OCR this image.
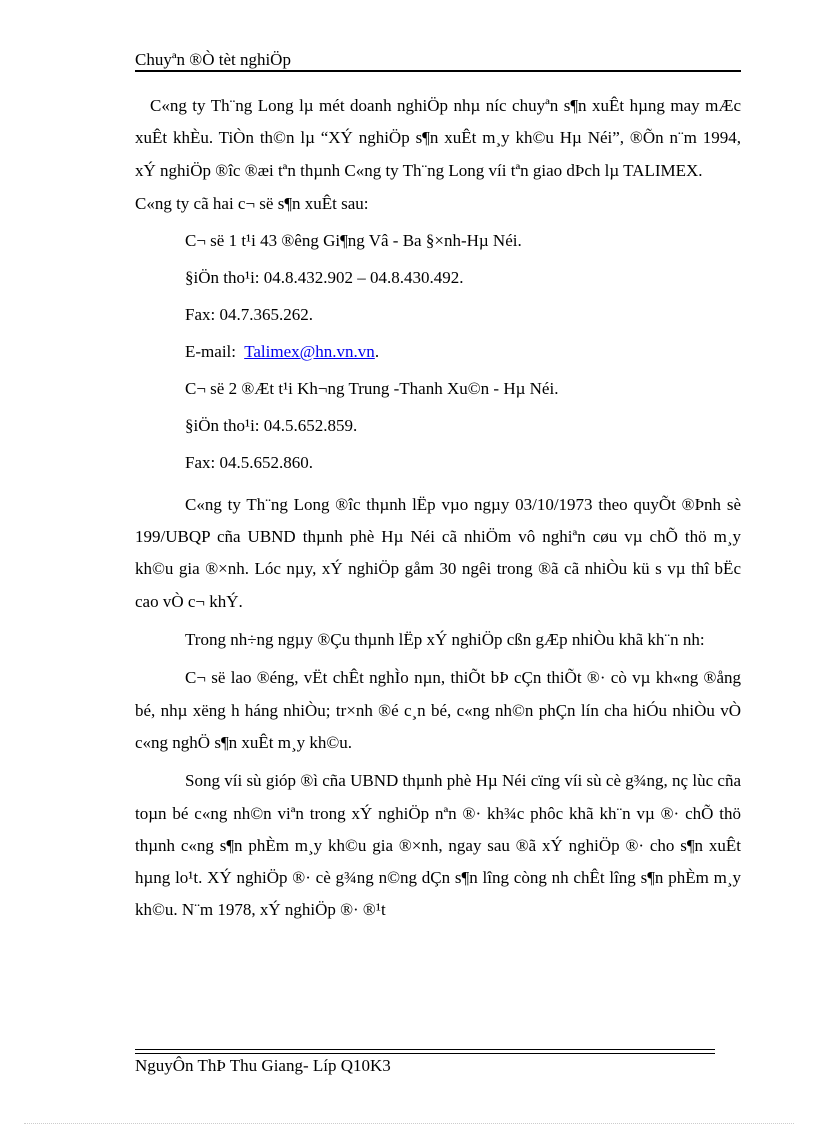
Chuyªn ®Ò tèt nghiÖp

C«ng ty Th¨ng Long lµ mét doanh nghiÖp nhµ níc chuyªn s¶n xuÊt hµng may mÆc xuÊt khÈu. TiÒn th©n lµ “XÝ nghiÖp s¶n xuÊt m¸y kh©u Hµ Néi”, ®Õn n¨m 1994, xÝ nghiÖp ®îc ®æi tªn thµnh C«ng ty Th¨ng Long víi tªn giao dÞch lµ TALIMEX.

C«ng ty cã hai c¬ së s¶n xuÊt sau:

C¬ së 1 t¹i 43 ®êng Gi¶ng Vâ - Ba §×nh-Hµ Néi.

§iÖn tho¹i: 04.8.432.902 – 04.8.430.492.

Fax: 04.7.365.262.

E-mail: Talimex@hn.vn.vn.

C¬ së 2 ®Æt t¹i Kh¬ng Trung -Thanh Xu©n - Hµ Néi.

§iÖn tho¹i: 04.5.652.859.

Fax: 04.5.652.860.

C«ng ty Th¨ng Long ®îc thµnh lËp vµo ngµy 03/10/1973 theo quyÕt ®Þnh sè 199/UBQP cña UBND thµnh phè Hµ Néi cã nhiÖm vô nghiªn cøu vµ chÕ thö m¸y kh©u gia ®×nh. Lóc nµy, xÝ nghiÖp gåm 30 ngêi trong ®ã cã nhiÒu kü s vµ thî bËc cao vÒ c¬ khÝ.

Trong nh÷ng ngµy ®Çu thµnh lËp xÝ nghiÖp cßn gÆp nhiÒu khã kh¨n nh:

C¬ së lao ®éng, vËt chÊt nghÌo nµn, thiÕt bÞ cÇn thiÕt ®· cò vµ kh«ng ®ång bé, nhµ xëng h háng nhiÒu; tr×nh ®é c¸n bé, c«ng nh©n phÇn lín cha hiÓu nhiÒu vÒ c«ng nghÖ s¶n xuÊt m¸y kh©u.

Song víi sù gióp ®ì cña UBND thµnh phè Hµ Néi cïng víi sù cè g¾ng, nç lùc cña toµn bé c«ng nh©n viªn trong xÝ nghiÖp nªn ®· kh¾c phôc khã kh¨n vµ ®· chÕ thö thµnh c«ng s¶n phÈm m¸y kh©u gia ®×nh, ngay sau ®ã xÝ nghiÖp ®· cho s¶n xuÊt hµng lo¹t. XÝ nghiÖp ®· cè g¾ng n©ng dÇn s¶n lîng còng nh chÊt lîng s¶n phÈm m¸y kh©u. N¨m 1978, xÝ nghiÖp ®· ®¹t

NguyÔn ThÞ Thu Giang- Líp Q10K3
